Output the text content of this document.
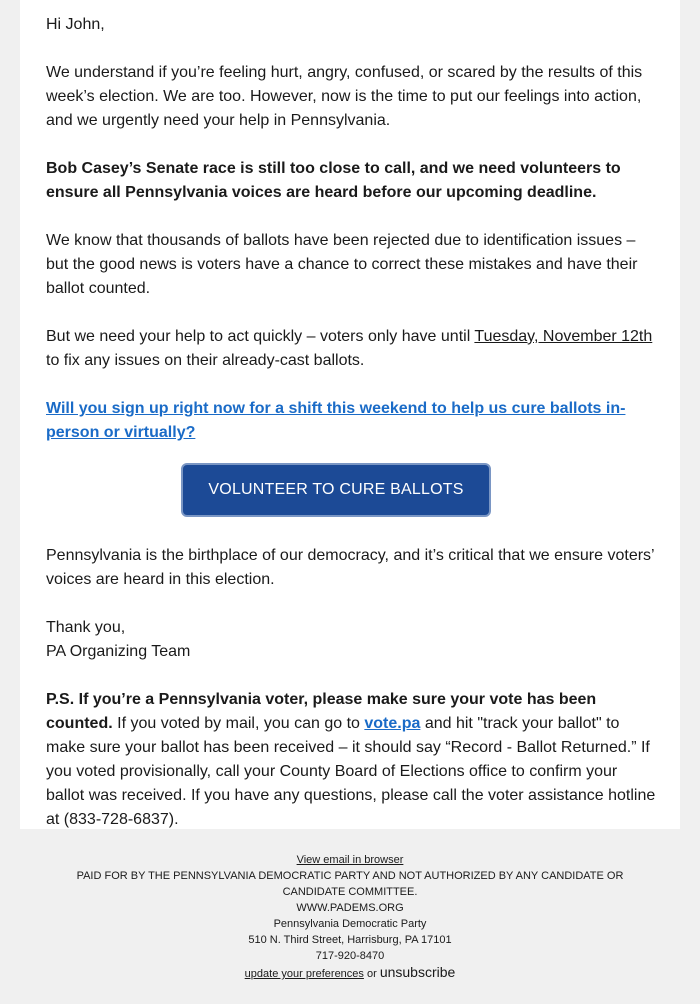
Hi John,

We understand if you’re feeling hurt, angry, confused, or scared by the results of this week’s election. We are too. However, now is the time to put our feelings into action, and we urgently need your help in Pennsylvania.

Bob Casey’s Senate race is still too close to call, and we need volunteers to ensure all Pennsylvania voices are heard before our upcoming deadline.

We know that thousands of ballots have been rejected due to identification issues – but the good news is voters have a chance to correct these mistakes and have their ballot counted.

But we need your help to act quickly – voters only have until Tuesday, November 12th to fix any issues on their already-cast ballots.

Will you sign up right now for a shift this weekend to help us cure ballots in-person or virtually?

VOLUNTEER TO CURE BALLOTS

Pennsylvania is the birthplace of our democracy, and it’s critical that we ensure voters’ voices are heard in this election.

Thank you,

PA Organizing Team

P.S. If you’re a Pennsylvania voter, please make sure your vote has been counted. If you voted by mail, you can go to vote.pa and hit "track your ballot" to make sure your ballot has been received – it should say “Record - Ballot Returned.” If you voted provisionally, call your County Board of Elections office to confirm your ballot was received. If you have any questions, please call the voter assistance hotline at (833-728-6837).

View email in browser
PAID FOR BY THE PENNSYLVANIA DEMOCRATIC PARTY AND NOT AUTHORIZED BY ANY CANDIDATE OR CANDIDATE COMMITTEE.
WWW.PADEMS.ORG
Pennsylvania Democratic Party
510 N. Third Street, Harrisburg, PA 17101
717-920-8470
update your preferences or unsubscribe
